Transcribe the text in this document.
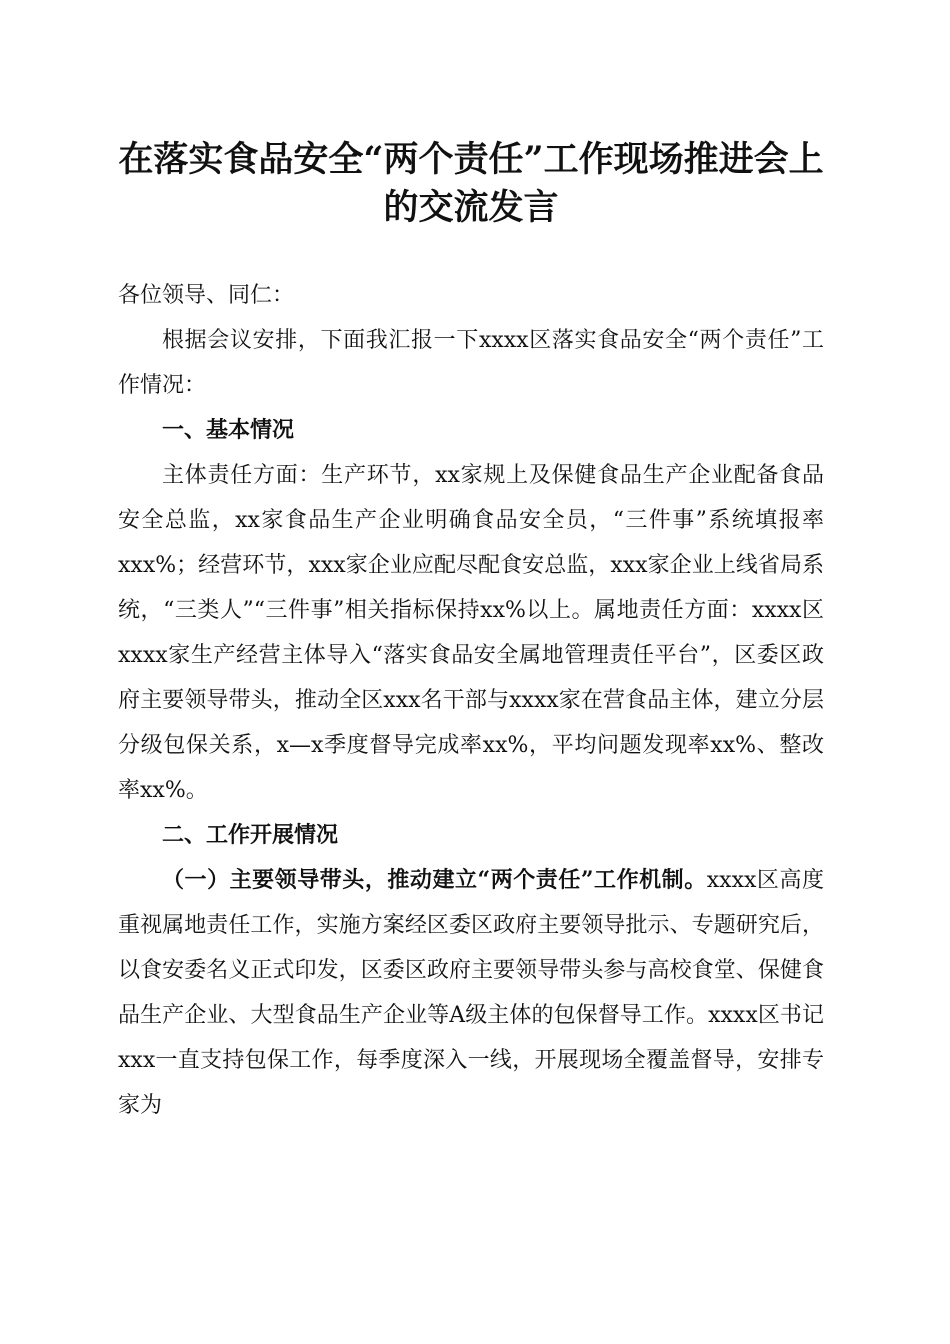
在落实食品安全“两个责任”工作现场推进会上的交流发言

各位领导、同仁：

根据会议安排，下面我汇报一下xxxx区落实食品安全“两个责任”工作情况：

一、基本情况

主体责任方面：生产环节，xx家规上及保健食品生产企业配备食品安全总监，xx家食品生产企业明确食品安全员，“三件事”系统填报率xxx%；经营环节，xxx家企业应配尽配食安总监，xxx家企业上线省局系统，“三类人”“三件事”相关指标保持xx%以上。属地责任方面：xxxx区xxxx家生产经营主体导入“落实食品安全属地管理责任平台”，区委区政府主要领导带头，推动全区xxx名干部与xxxx家在营食品主体，建立分层分级包保关系，x—x季度督导完成率xx%，平均问题发现率xx%、整改率xx%。

二、工作开展情况

（一）主要领导带头，推动建立“两个责任”工作机制。xxxx区高度重视属地责任工作，实施方案经区委区政府主要领导批示、专题研究后，以食安委名义正式印发，区委区政府主要领导带头参与高校食堂、保健食品生产企业、大型食品生产企业等A级主体的包保督导工作。xxxx区书记xxx一直支持包保工作，每季度深入一线，开展现场全覆盖督导，安排专家为
